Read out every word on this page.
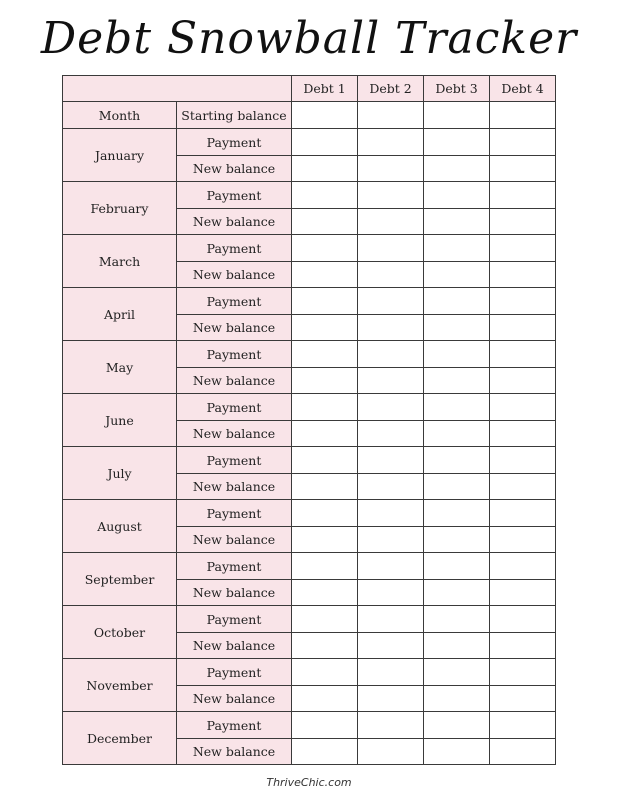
Debt Snowball Tracker
		Debt 1	Debt 2	Debt 3	Debt 4
Month	Starting balance				
January	Payment				
	New balance				
February	Payment				
	New balance				
March	Payment				
	New balance				
April	Payment				
	New balance				
May	Payment				
	New balance				
June	Payment				
	New balance				
July	Payment				
	New balance				
August	Payment				
	New balance				
September	Payment				
	New balance				
October	Payment				
	New balance				
November	Payment				
	New balance				
December	Payment				
	New balance				
ThriveChic.com
